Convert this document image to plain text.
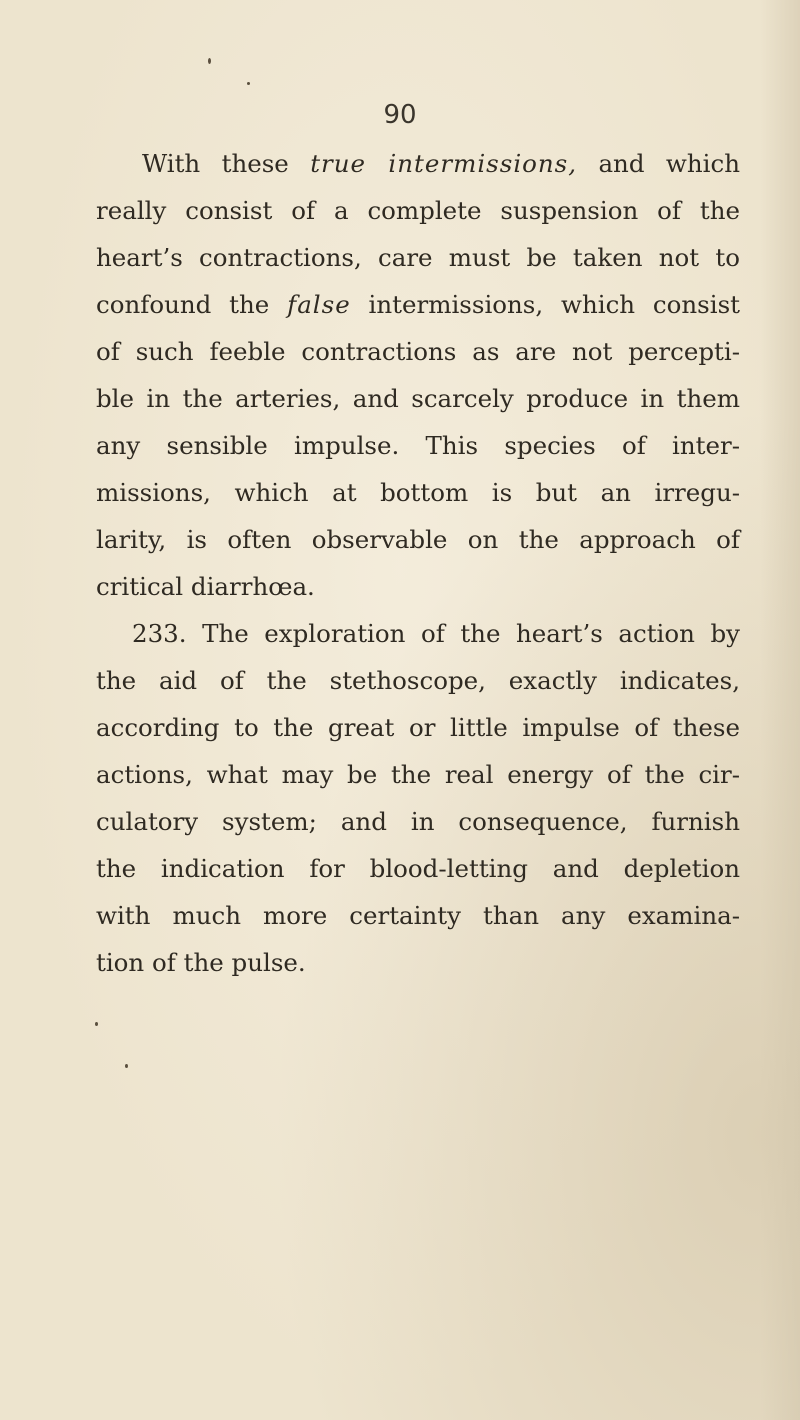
90

With these true intermissions, and which
really consist of a complete suspension of the
heart’s contractions, care must be taken not to
confound the false intermissions, which consist
of such feeble contractions as are not percepti-
ble in the arteries, and scarcely produce in them
any sensible impulse. This species of inter-
missions, which at bottom is but an irregu-
larity, is often observable on the approach of
critical diarrhœa.

233. The exploration of the heart’s action by
the aid of the stethoscope, exactly indicates,
according to the great or little impulse of these
actions, what may be the real energy of the cir-
culatory system; and in consequence, furnish
the indication for blood-letting and depletion
with much more certainty than any examina-
tion of the pulse.
